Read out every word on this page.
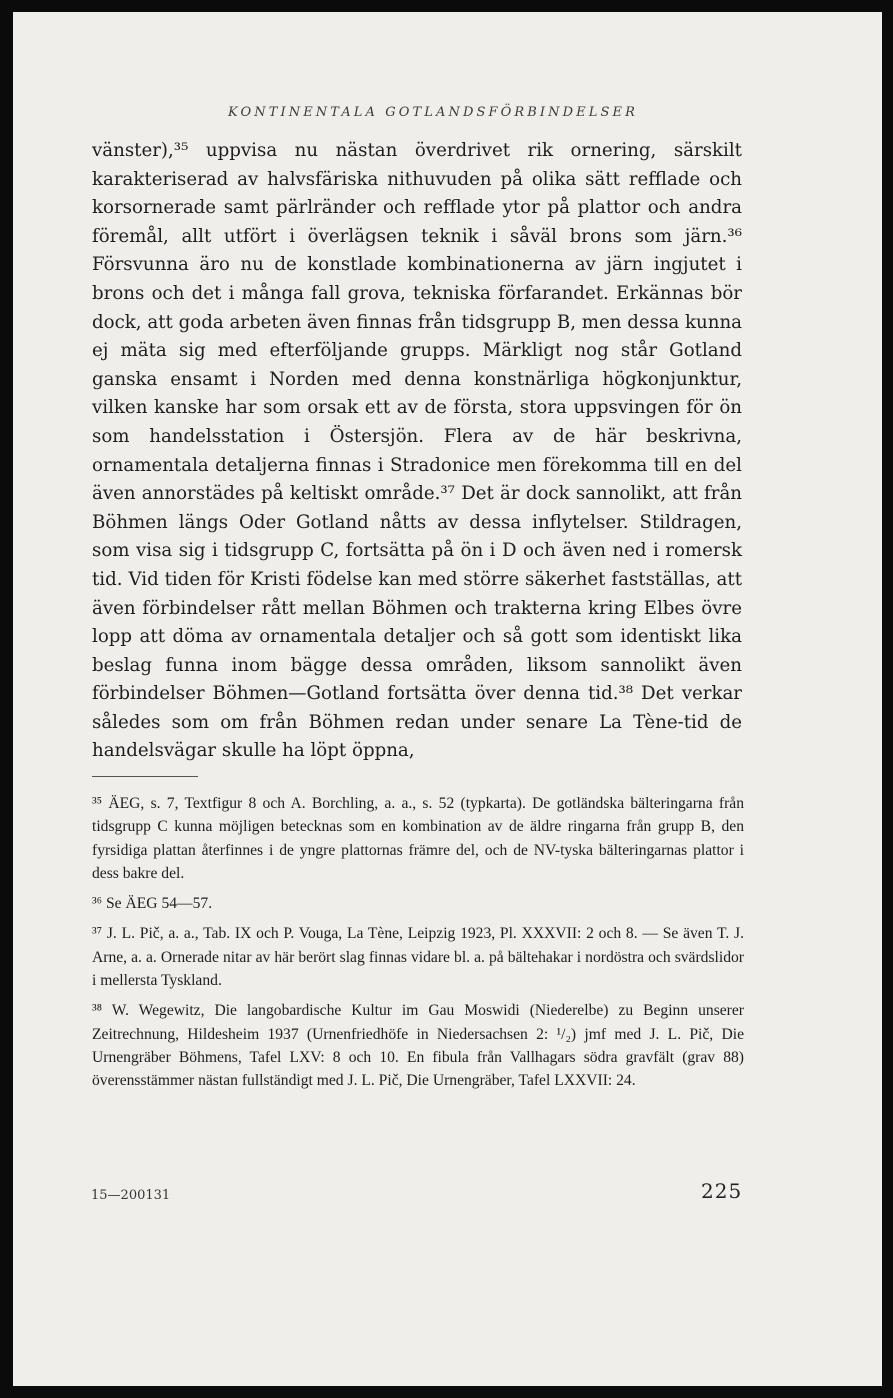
KONTINENTALA GOTLANDSFÖRBINDELSER
vänster),³⁵ uppvisa nu nästan överdrivet rik ornering, särskilt karakteriserad av halvsfäriska nithuvuden på olika sätt refflade och korsornerade samt pärlränder och refflade ytor på plattor och andra föremål, allt utfört i överlägsen teknik i såväl brons som järn.³⁶ Försvunna äro nu de konstlade kombinationerna av järn ingjutet i brons och det i många fall grova, tekniska förfarandet. Erkännas bör dock, att goda arbeten även finnas från tidsgrupp B, men dessa kunna ej mäta sig med efterföljande grupps. Märkligt nog står Gotland ganska ensamt i Norden med denna konstnärliga högkonjunktur, vilken kanske har som orsak ett av de första, stora uppsvingen för ön som handelsstation i Östersjön. Flera av de här beskrivna, ornamentala detaljerna finnas i Stradonice men förekomma till en del även annorstädes på keltiskt område.³⁷ Det är dock sannolikt, att från Böhmen längs Oder Gotland nåtts av dessa inflytelser. Stildragen, som visa sig i tidsgrupp C, fortsätta på ön i D och även ned i romersk tid. Vid tiden för Kristi födelse kan med större säkerhet fastställas, att även förbindelser rått mellan Böhmen och trakterna kring Elbes övre lopp att döma av ornamentala detaljer och så gott som identiskt lika beslag funna inom bägge dessa områden, liksom sannolikt även förbindelser Böhmen—Gotland fortsätta över denna tid.³⁸ Det verkar således som om från Böhmen redan under senare La Tène-tid de handelsvägar skulle ha löpt öppna,

³⁵ ÄEG, s. 7, Textfigur 8 och A. Borchling, a. a., s. 52 (typkarta). De gotländska bälteringarna från tidsgrupp C kunna möjligen betecknas som en kombination av de äldre ringarna från grupp B, den fyrsidiga plattan återfinnes i de yngre plattornas främre del, och de NV-tyska bälteringarnas plattor i dess bakre del.

³⁶ Se ÄEG 54—57.

³⁷ J. L. Pič, a. a., Tab. IX och P. Vouga, La Tène, Leipzig 1923, Pl. XXXVII: 2 och 8. — Se även T. J. Arne, a. a. Ornerade nitar av här berört slag finnas vidare bl. a. på bältehakar i nordöstra och svärdslidor i mellersta Tyskland.

³⁸ W. Wegewitz, Die langobardische Kultur im Gau Moswidi (Niederelbe) zu Beginn unserer Zeitrechnung, Hildesheim 1937 (Urnenfriedhöfe in Niedersachsen 2: ¹/₂) jmf med J. L. Pič, Die Urnengräber Böhmens, Tafel LXV: 8 och 10. En fibula från Vallhagars södra gravfält (grav 88) överensstämmer nästan fullständigt med J. L. Pič, Die Urnengräber, Tafel LXXVII: 24.

15—200131	225
